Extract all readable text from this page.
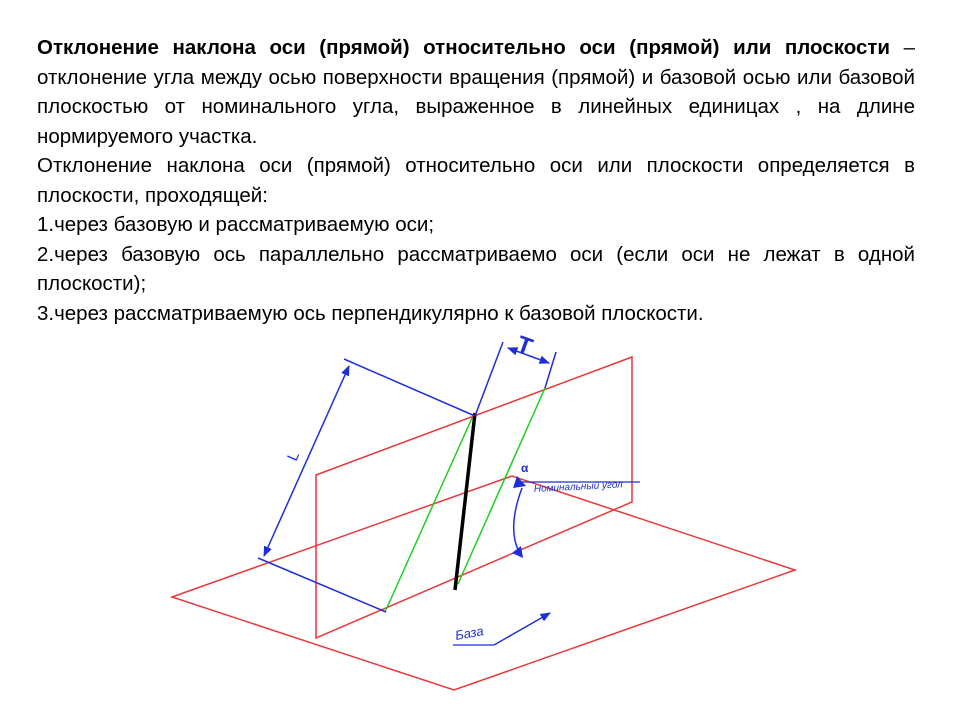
Отклонение наклона оси (прямой) относительно оси (прямой) или плоскости – отклонение угла между осью поверхности вращения (прямой) и базовой осью или базовой плоскостью от номинального угла, выраженное в линейных единицах , на длине нормируемого участка.

Отклонение наклона оси (прямой) относительно оси или плоскости определяется в плоскости, проходящей:

1.через базовую и рассматриваемую оси;

2.через базовую ось параллельно рассматриваемо оси (если оси не лежат в одной плоскости);

3.через рассматриваемую ось перпендикулярно к базовой плоскости.

L
T
α
Номинальный угол
База
